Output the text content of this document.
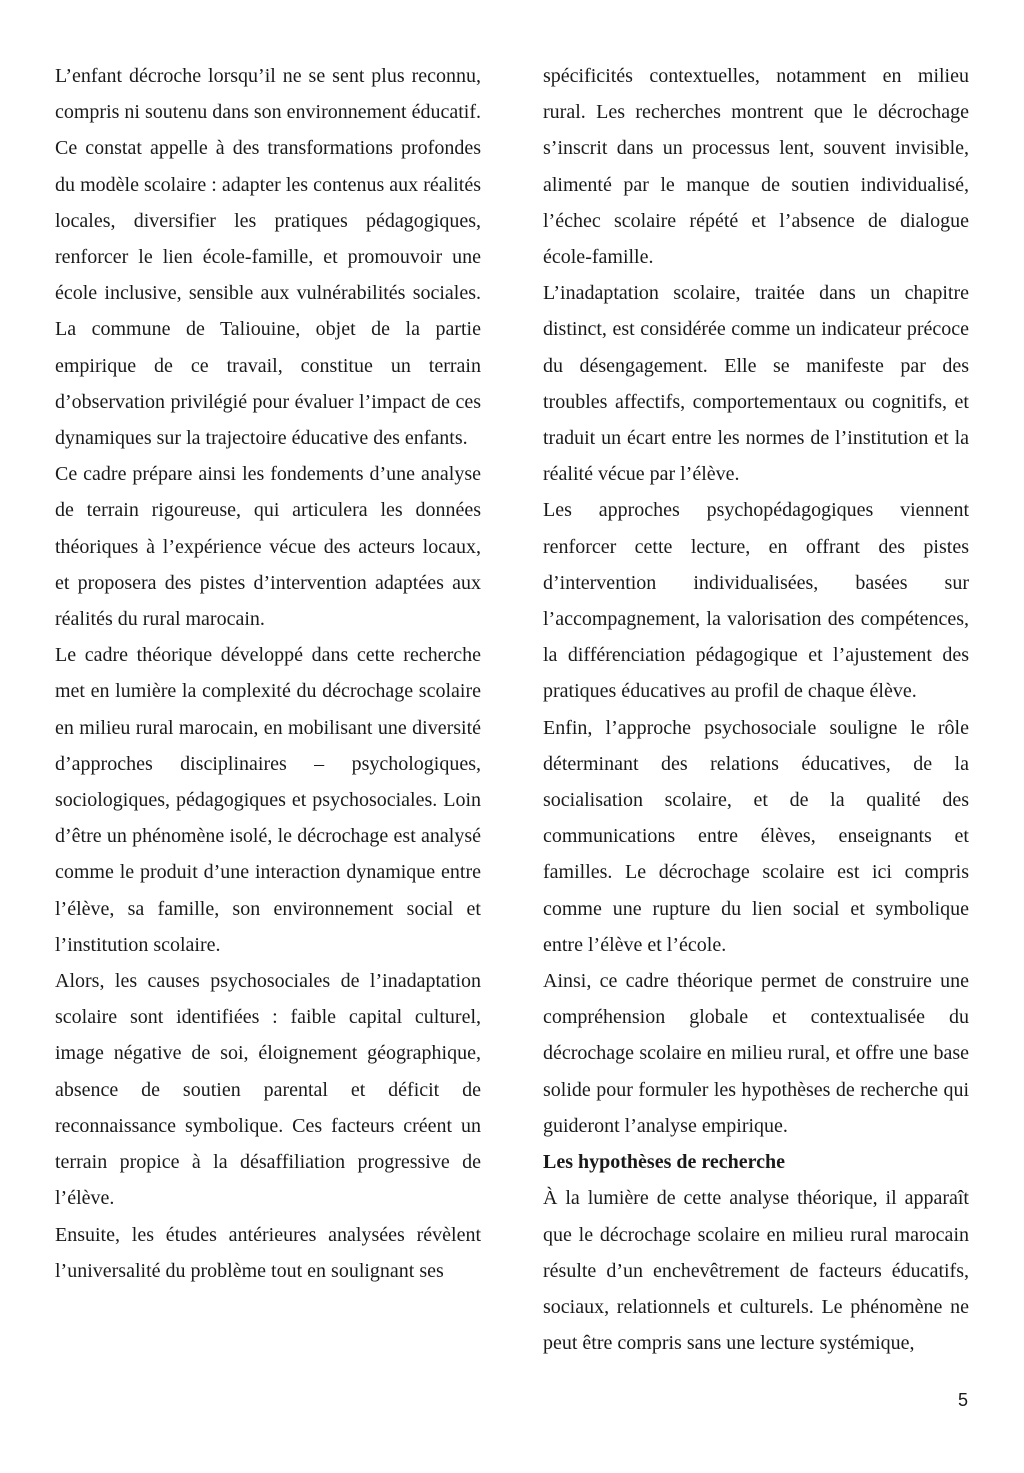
L’enfant décroche lorsqu’il ne se sent plus reconnu, compris ni soutenu dans son environnement éducatif.

Ce constat appelle à des transformations profondes du modèle scolaire : adapter les contenus aux réalités locales, diversifier les pratiques pédagogiques, renforcer le lien école-famille, et promouvoir une école inclusive, sensible aux vulnérabilités sociales. La commune de Taliouine, objet de la partie empirique de ce travail, constitue un terrain d’observation privilégié pour évaluer l’impact de ces dynamiques sur la trajectoire éducative des enfants.

Ce cadre prépare ainsi les fondements d’une analyse de terrain rigoureuse, qui articulera les données théoriques à l’expérience vécue des acteurs locaux, et proposera des pistes d’intervention adaptées aux réalités du rural marocain.

Le cadre théorique développé dans cette recherche met en lumière la complexité du décrochage scolaire en milieu rural marocain, en mobilisant une diversité d’approches disciplinaires – psychologiques, sociologiques, pédagogiques et psychosociales. Loin d’être un phénomène isolé, le décrochage est analysé comme le produit d’une interaction dynamique entre l’élève, sa famille, son environnement social et l’institution scolaire.

Alors, les causes psychosociales de l’inadaptation scolaire sont identifiées : faible capital culturel, image négative de soi, éloignement géographique, absence de soutien parental et déficit de reconnaissance symbolique. Ces facteurs créent un terrain propice à la désaffiliation progressive de l’élève.

Ensuite, les études antérieures analysées révèlent l’universalité du problème tout en soulignant ses

spécificités contextuelles, notamment en milieu rural. Les recherches montrent que le décrochage s’inscrit dans un processus lent, souvent invisible, alimenté par le manque de soutien individualisé, l’échec scolaire répété et l’absence de dialogue école-famille.

L’inadaptation scolaire, traitée dans un chapitre distinct, est considérée comme un indicateur précoce du désengagement. Elle se manifeste par des troubles affectifs, comportementaux ou cognitifs, et traduit un écart entre les normes de l’institution et la réalité vécue par l’élève.

Les approches psychopédagogiques viennent renforcer cette lecture, en offrant des pistes d’intervention individualisées, basées sur l’accompagnement, la valorisation des compétences, la différenciation pédagogique et l’ajustement des pratiques éducatives au profil de chaque élève.

Enfin, l’approche psychosociale souligne le rôle déterminant des relations éducatives, de la socialisation scolaire, et de la qualité des communications entre élèves, enseignants et familles. Le décrochage scolaire est ici compris comme une rupture du lien social et symbolique entre l’élève et l’école.

Ainsi, ce cadre théorique permet de construire une compréhension globale et contextualisée du décrochage scolaire en milieu rural, et offre une base solide pour formuler les hypothèses de recherche qui guideront l’analyse empirique.

Les hypothèses de recherche

À la lumière de cette analyse théorique, il apparaît que le décrochage scolaire en milieu rural marocain résulte d’un enchevêtrement de facteurs éducatifs, sociaux, relationnels et culturels. Le phénomène ne peut être compris sans une lecture systémique,

5
